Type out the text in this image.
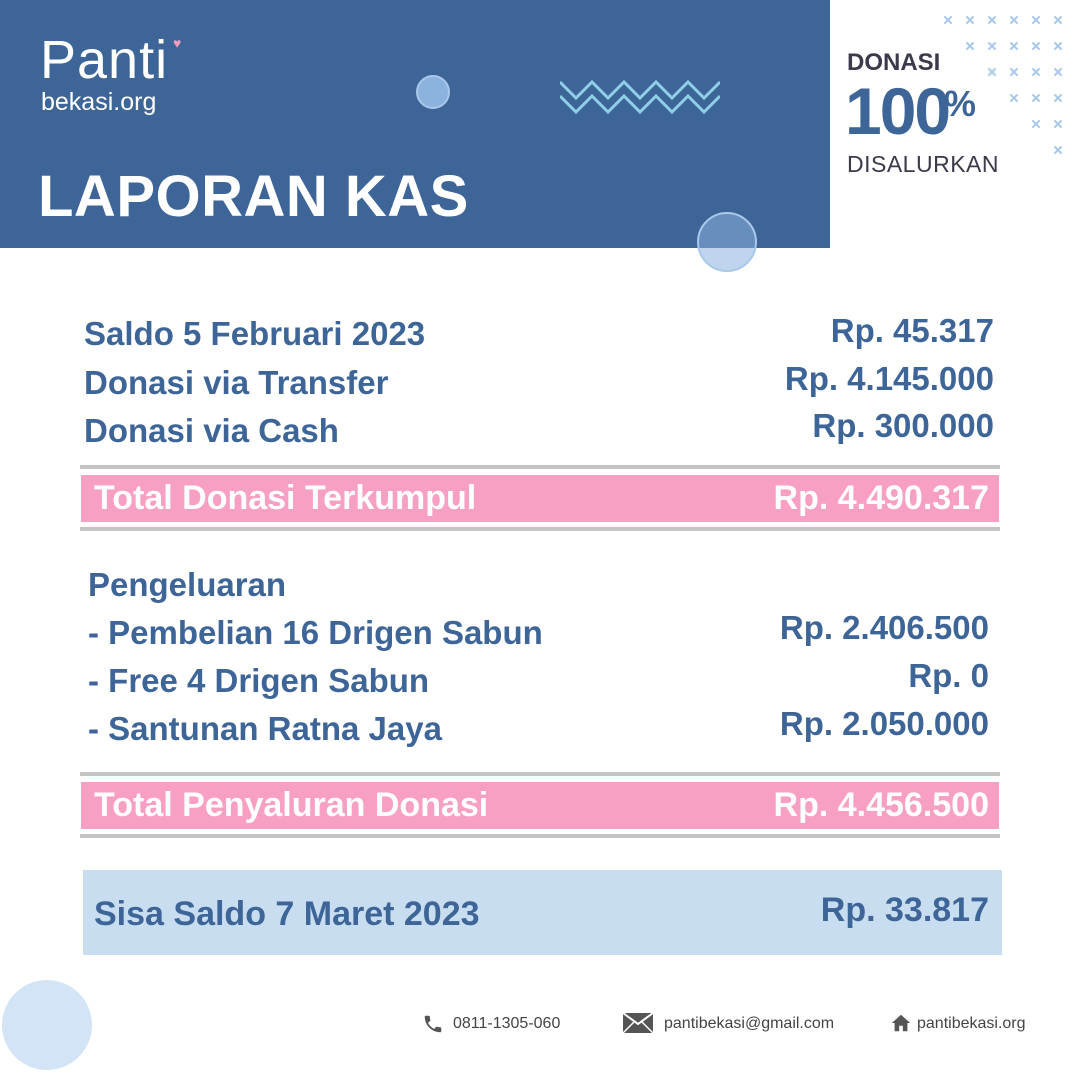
Panti ♥
bekasi.org
LAPORAN KAS
DONASI
100
%
DISALURKAN
Saldo 5 Februari 2023	Rp. 45.317
Donasi via Transfer	Rp. 4.145.000
Donasi via Cash	Rp. 300.000
Total Donasi Terkumpul	Rp. 4.490.317
Pengeluaran
- Pembelian 16 Drigen Sabun	Rp. 2.406.500
- Free 4 Drigen Sabun	Rp. 0
- Santunan Ratna Jaya	Rp. 2.050.000
Total Penyaluran Donasi	Rp. 4.456.500
Sisa Saldo 7 Maret 2023	Rp. 33.817
0811-1305-060	pantibekasi@gmail.com	pantibekasi.org
